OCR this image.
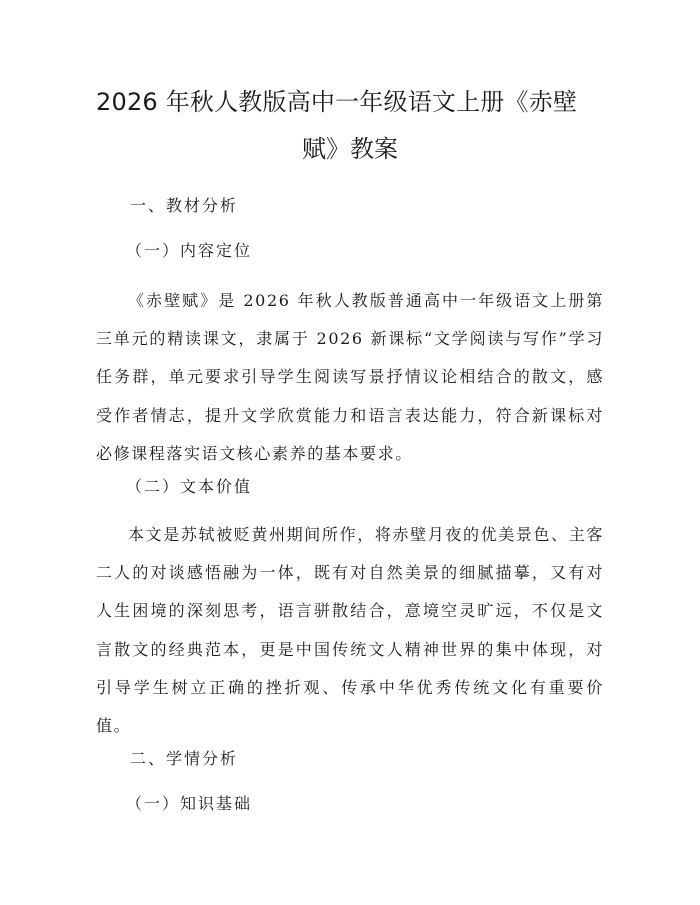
2026 年秋人教版高中一年级语文上册《赤壁
赋》教案
一、教材分析
（一）内容定位

《赤壁赋》是 2026 年秋人教版普通高中一年级语文上册第三单元的精读课文，隶属于 2026 新课标“文学阅读与写作”学习任务群，单元要求引导学生阅读写景抒情议论相结合的散文，感受作者情志，提升文学欣赏能力和语言表达能力，符合新课标对必修课程落实语文核心素养的基本要求。

（二）文本价值

本文是苏轼被贬黄州期间所作，将赤壁月夜的优美景色、主客二人的对谈感悟融为一体，既有对自然美景的细腻描摹，又有对人生困境的深刻思考，语言骈散结合，意境空灵旷远，不仅是文言散文的经典范本，更是中国传统文人精神世界的集中体现，对引导学生树立正确的挫折观、传承中华优秀传统文化有重要价值。

二、学情分析
（一）知识基础
